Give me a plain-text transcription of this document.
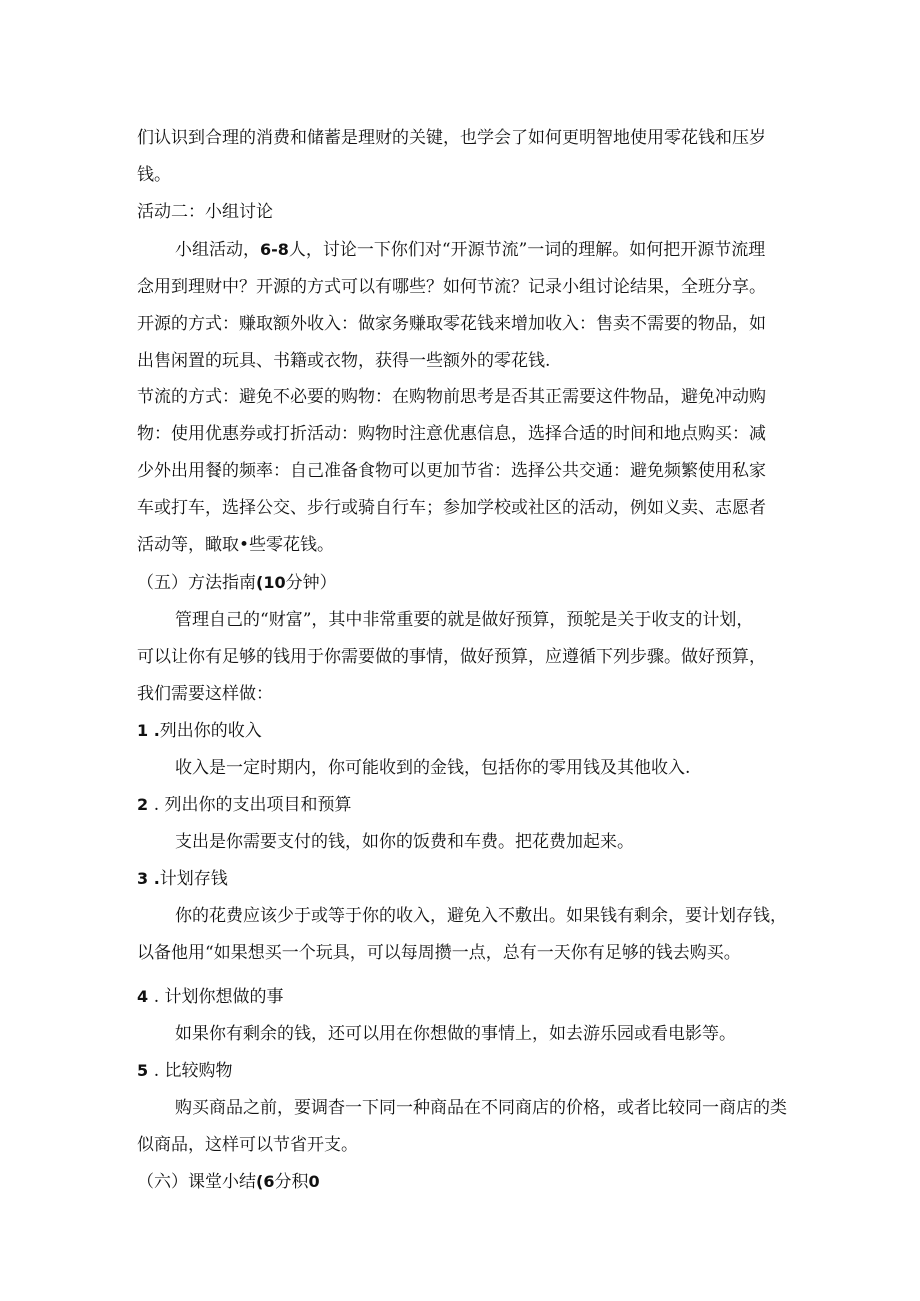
们认识到合理的消费和储蓄是理财的关键，也学会了如何更明智地使用零花钱和压岁
钱。
活动二：小组讨论
小组活动，6-8人，讨论一下你们对“开源节流”一词的理解。如何把开源节流理
念用到理财中？开源的方式可以有哪些？如何节流？记录小组讨论结果，全班分享。
开源的方式：赚取额外收入：做家务赚取零花钱来增加收入：售卖不需要的物品，如
出售闲置的玩具、书籍或衣物，获得一些额外的零花钱.
节流的方式：避免不必要的购物：在购物前思考是否其正需要这件物品，避免冲动购
物：使用优惠券或打折活动：购物时注意优惠信息，选择合适的时间和地点购买：减
少外出用餐的频率：自己准备食物可以更加节省：选择公共交通：避免频繁使用私家
车或打车，选择公交、步行或骑自行车；参加学校或社区的活动，例如义卖、志愿者
活动等，瞰取•些零花钱。
（五）方法指南(10分钟）
管理自己的“财富”，其中非常重要的就是做好预算，预鸵是关于收支的计划，
可以让你有足够的钱用于你需要做的事情，做好预算，应遵循下列步骤。做好预算，
我们需要这样做：
1 .列出你的收入
收入是一定时期内，你可能收到的金钱，包括你的零用钱及其他收入.
2 . 列出你的支出项目和预算
支出是你需要支付的钱，如你的饭费和车费。把花费加起来。
3 .计划存钱
你的花费应该少于或等于你的收入，避免入不敷出。如果钱有剩余，要计划存钱，
以备他用“如果想买一个玩具，可以每周攒一点，总有一天你有足够的钱去购买。
4 . 计划你想做的事
如果你有剩余的钱，还可以用在你想做的事情上，如去游乐园或看电影等。
5 . 比较购物
购买商品之前，要调杳一下同一种商品在不同商店的价格，或者比较同一商店的类
似商品，这样可以节省开支。
（六）课堂小结(6分积0
